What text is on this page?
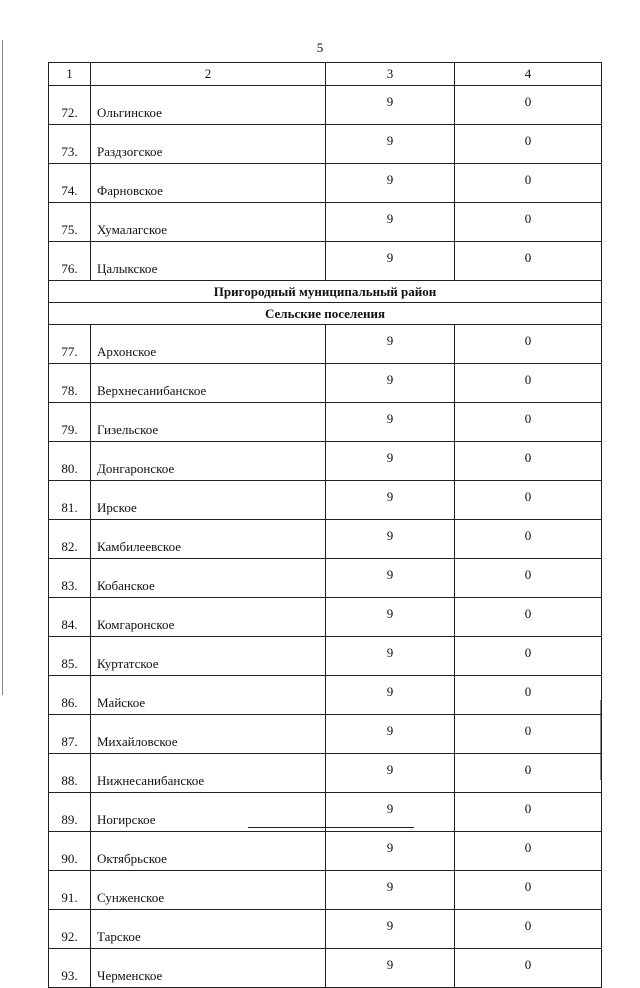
5
1	2	3	4
72.	Ольгинское	9	0
73.	Раздзогское	9	0
74.	Фарновское	9	0
75.	Хумалагское	9	0
76.	Цалыкское	9	0
Пригородный муниципальный район			
Сельские поселения			
77.	Архонское	9	0
78.	Верхнесанибанское	9	0
79.	Гизельское	9	0
80.	Донгаронское	9	0
81.	Ирское	9	0
82.	Камбилеевское	9	0
83.	Кобанское	9	0
84.	Комгаронское	9	0
85.	Куртатское	9	0
86.	Майское	9	0
87.	Михайловское	9	0
88.	Нижнесанибанское	9	0
89.	Ногирское	9	0
90.	Октябрьское	9	0
91.	Сунженское	9	0
92.	Тарское	9	0
93.	Черменское	9	0
